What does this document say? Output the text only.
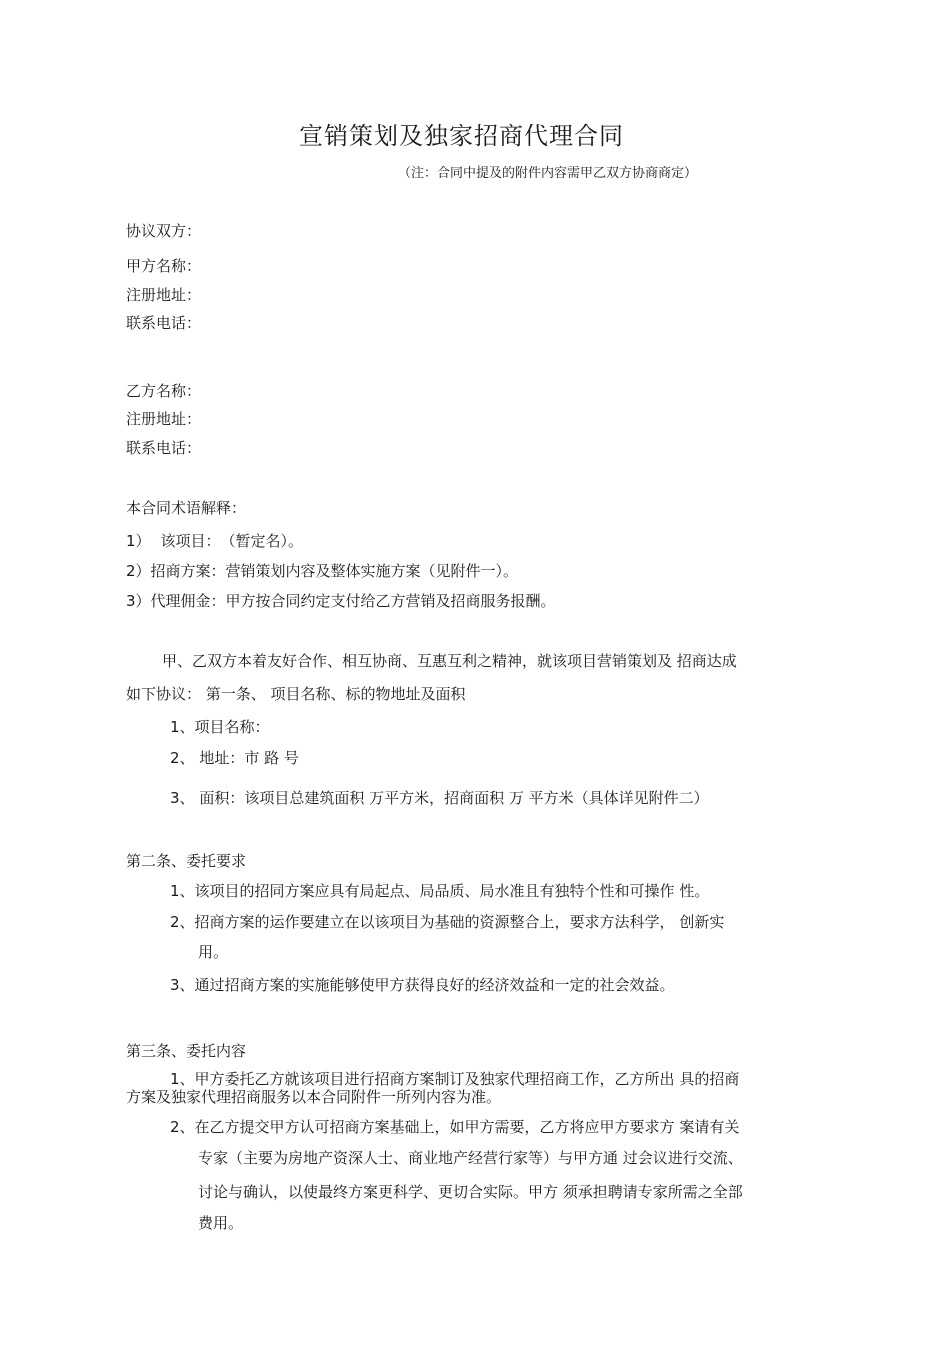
宣销策划及独家招商代理合同
（注：合同中提及的附件内容需甲乙双方协商商定）
协议双方：
甲方名称：
注册地址：
联系电话：
乙方名称：
注册地址：
联系电话：
本合同术语解释：
1） 该项目：　（暂定名）。
2）招商方案：营销策划内容及整体实施方案（见附件一）。
3）代理佣金：甲方按合同约定支付给乙方营销及招商服务报酬。
甲、乙双方本着友好合作、相互协商、互惠互利之精神，就该项目营销策划及 招商达成
如下协议： 第一条、 项目名称、标的物地址及面积
1、项目名称：
2、 地址：市 路 号
3、 面积：该项目总建筑面积 万平方米，招商面积 万 平方米（具体详见附件二）
第二条、委托要求
1、该项目的招同方案应具有局起点、局品质、局水准且有独特个性和可操作 性。
2、招商方案的运作要建立在以该项目为基础的资源整合上，要求方法科学， 创新实
用。
3、通过招商方案的实施能够使甲方获得良好的经济效益和一定的社会效益。
第三条、委托内容
1、甲方委托乙方就该项目进行招商方案制订及独家代理招商工作，乙方所出 具的招商
方案及独家代理招商服务以本合同附件一所列内容为准。
2、在乙方提交甲方认可招商方案基础上，如甲方需要，乙方将应甲方要求方 案请有关
专家（主要为房地产资深人士、商业地产经营行家等）与甲方通 过会议进行交流、
讨论与确认，以使最终方案更科学、更切合实际。甲方 须承担聘请专家所需之全部
费用。
